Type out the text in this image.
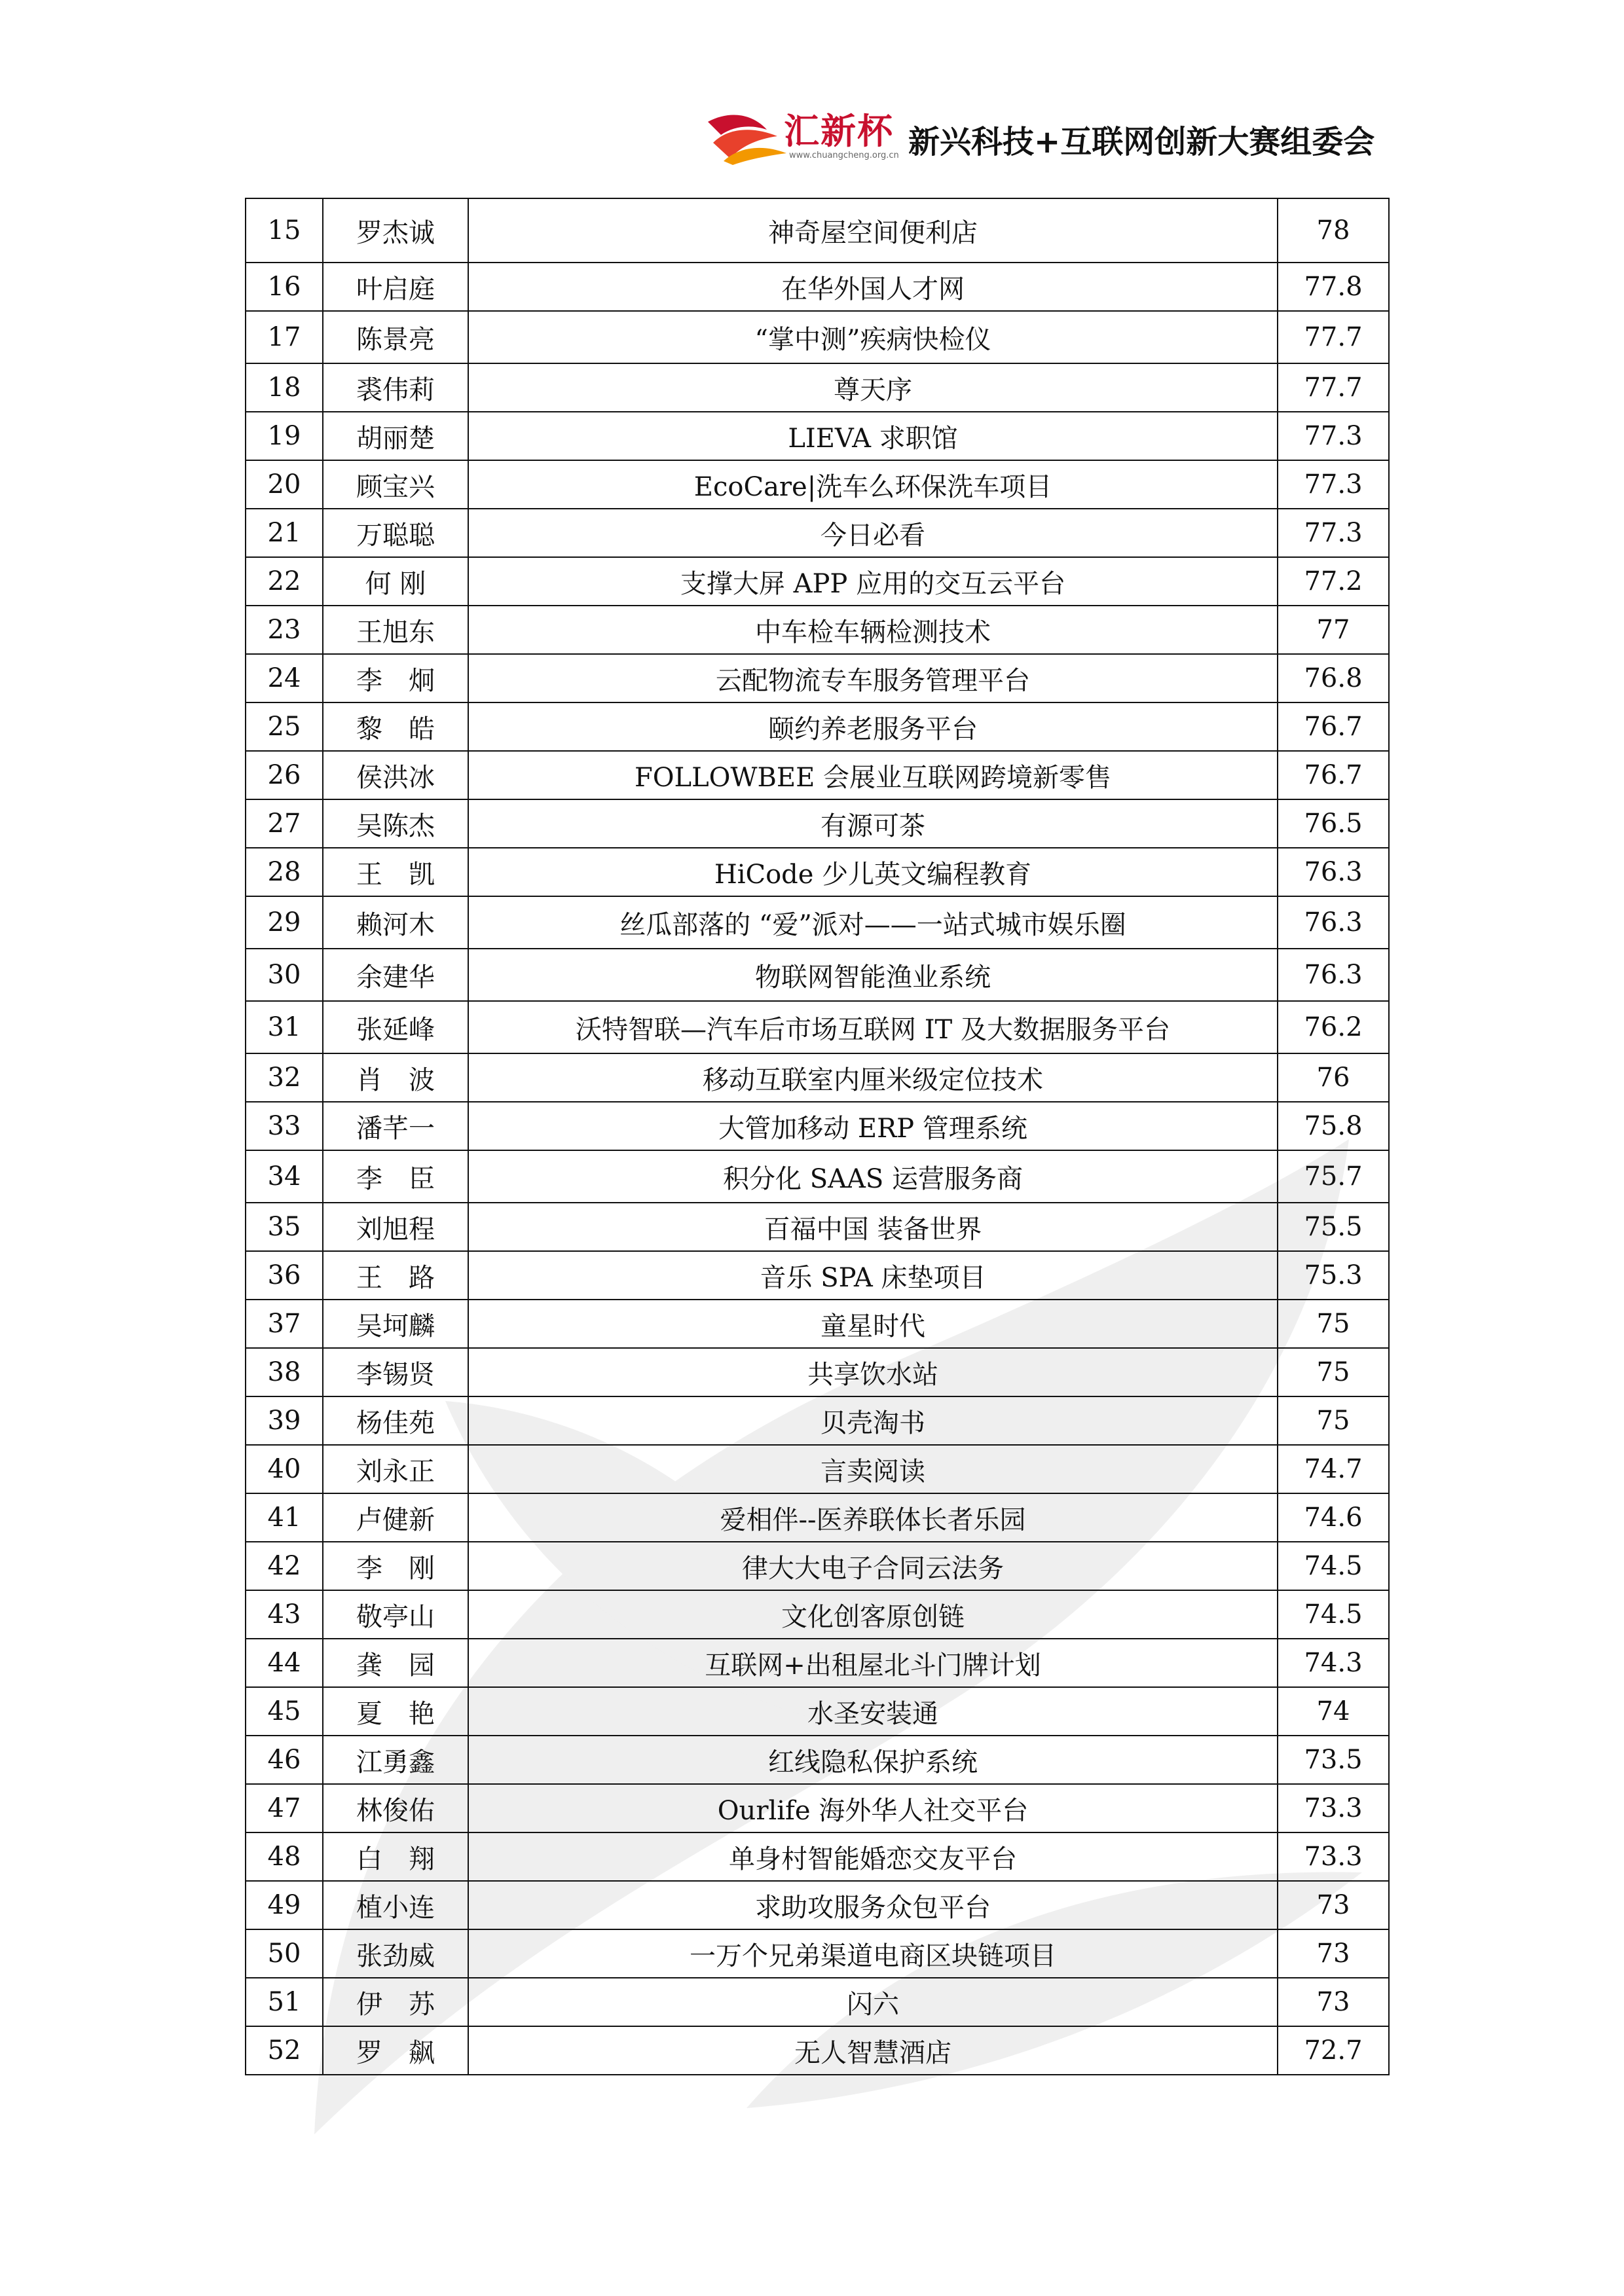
汇新杯
www.chuangcheng.org.cn 新兴科技+互联网创新大赛组委会
15	罗杰诚	神奇屋空间便利店	78
16	叶启庭	在华外国人才网	77.8
17	陈景亮	“掌中测”疾病快检仪	77.7
18	裘伟莉	尊天序	77.7
19	胡丽楚	LIEVA 求职馆	77.3
20	顾宝兴	EcoCare|洗车么环保洗车项目	77.3
21	万聪聪	今日必看	77.3
22	何 刚	支撑大屏 APP 应用的交互云平台	77.2
23	王旭东	中车检车辆检测技术	77
24	李　炯	云配物流专车服务管理平台	76.8
25	黎　皓	颐约养老服务平台	76.7
26	侯洪冰	FOLLOWBEE 会展业互联网跨境新零售	76.7
27	吴陈杰	有源可茶	76.5
28	王　凯	HiCode 少儿英文编程教育	76.3
29	赖河木	丝瓜部落的 “爱”派对——一站式城市娱乐圈	76.3
30	余建华	物联网智能渔业系统	76.3
31	张延峰	沃特智联—汽车后市场互联网 IT 及大数据服务平台	76.2
32	肖　波	移动互联室内厘米级定位技术	76
33	潘芊一	大管加移动 ERP 管理系统	75.8
34	李　臣	积分化 SAAS 运营服务商	75.7
35	刘旭程	百福中国 装备世界	75.5
36	王　路	音乐 SPA 床垫项目	75.3
37	吴坷麟	童星时代	75
38	李锡贤	共享饮水站	75
39	杨佳苑	贝壳淘书	75
40	刘永正	言卖阅读	74.7
41	卢健新	爱相伴--医养联体长者乐园	74.6
42	李　刚	律大大电子合同云法务	74.5
43	敬亭山	文化创客原创链	74.5
44	龚　园	互联网+出租屋北斗门牌计划	74.3
45	夏　艳	水圣安装通	74
46	江勇鑫	红线隐私保护系统	73.5
47	林俊佑	Ourlife 海外华人社交平台	73.3
48	白　翔	单身村智能婚恋交友平台	73.3
49	植小连	求助攻服务众包平台	73
50	张劲威	一万个兄弟渠道电商区块链项目	73
51	伊　苏	闪六	73
52	罗　飙	无人智慧酒店	72.7
